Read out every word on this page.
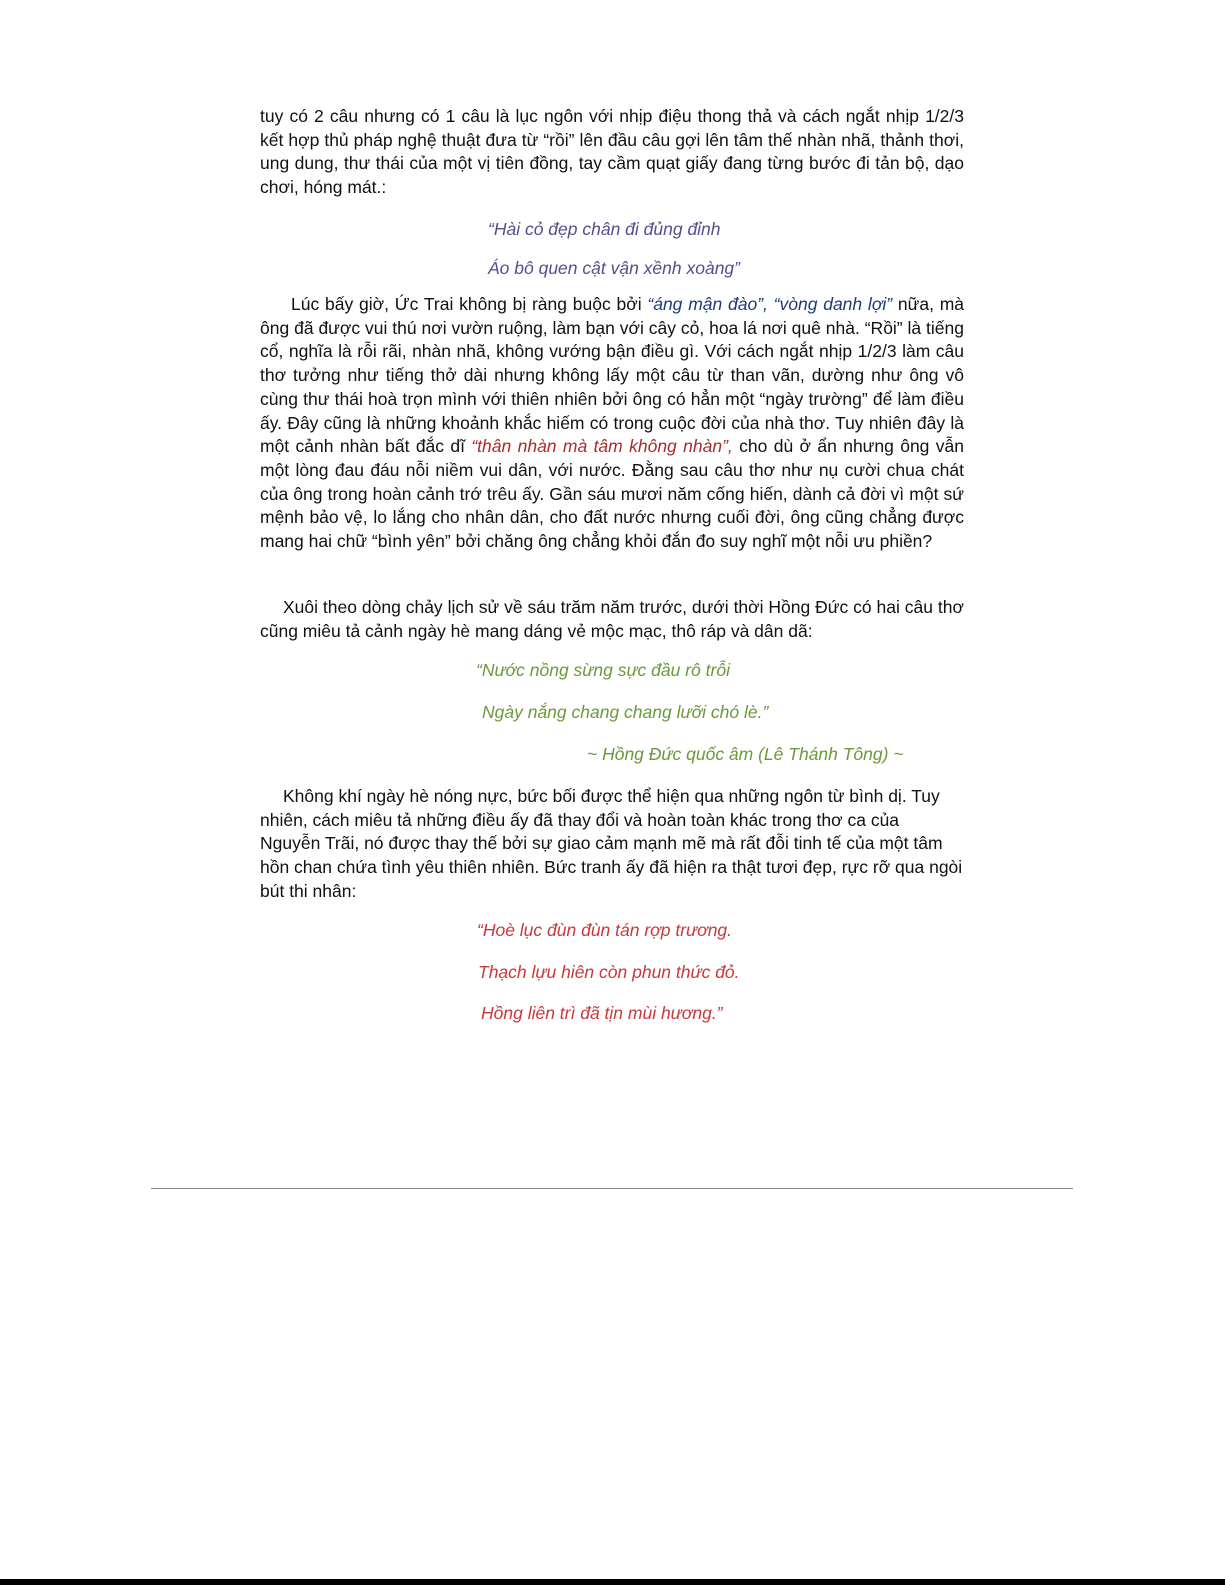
tuy có 2 câu nhưng có 1 câu là lục ngôn với nhịp điệu thong thả và cách ngắt nhịp 1/2/3 kết hợp thủ pháp nghệ thuật đưa từ “rồi” lên đầu câu gợi lên tâm thế nhàn nhã, thảnh thơi, ung dung, thư thái của một vị tiên đồng, tay cầm quạt giấy đang từng bước đi tản bộ, dạo chơi, hóng mát.:

“Hài cỏ đẹp chân đi đủng đỉnh
Áo bô quen cật vận xềnh xoàng”

Lúc bấy giờ, Ức Trai không bị ràng buộc bởi “áng mận đào”, “vòng danh lợi” nữa, mà ông đã được vui thú nơi vườn ruộng, làm bạn với cây cỏ, hoa lá nơi quê nhà. “Rồi” là tiếng cổ, nghĩa là rỗi rãi, nhàn nhã, không vướng bận điều gì. Với cách ngắt nhịp 1/2/3 làm câu thơ tưởng như tiếng thở dài nhưng không lấy một câu từ than vãn, dường như ông vô cùng thư thái hoà trọn mình với thiên nhiên bởi ông có hẳn một “ngày trường” để làm điều ấy. Đây cũng là những khoảnh khắc hiếm có trong cuộc đời của nhà thơ. Tuy nhiên đây là một cảnh nhàn bất đắc dĩ “thân nhàn mà tâm không nhàn”, cho dù ở ẩn nhưng ông vẫn một lòng đau đáu nỗi niềm vui dân, với nước. Đằng sau câu thơ như nụ cười chua chát của ông trong hoàn cảnh trớ trêu ấy. Gần sáu mươi năm cống hiến, dành cả đời vì một sứ mệnh bảo vệ, lo lắng cho nhân dân, cho đất nước nhưng cuối đời, ông cũng chẳng được mang hai chữ “bình yên” bởi chăng ông chẳng khỏi đắn đo suy nghĩ một nỗi ưu phiền?

Xuôi theo dòng chảy lịch sử về sáu trăm năm trước, dưới thời Hồng Đức có hai câu thơ cũng miêu tả cảnh ngày hè mang dáng vẻ mộc mạc, thô ráp và dân dã:

“Nước nồng sừng sực đầu rô trỗi
Ngày nắng chang chang lưỡi chó lè.”
~ Hồng Đức quốc âm (Lê Thánh Tông) ~

Không khí ngày hè nóng nực, bức bối được thể hiện qua những ngôn từ bình dị. Tuy nhiên, cách miêu tả những điều ấy đã thay đổi và hoàn toàn khác trong thơ ca của Nguyễn Trãi, nó được thay thế bởi sự giao cảm mạnh mẽ mà rất đỗi tinh tế của một tâm hồn chan chứa tình yêu thiên nhiên. Bức tranh ấy đã hiện ra thật tươi đẹp, rực rỡ qua ngòi bút thi nhân:

“Hoè lục đùn đùn tán rợp trương.
Thạch lựu hiên còn phun thức đỏ.
Hồng liên trì đã tịn mùi hương.”
